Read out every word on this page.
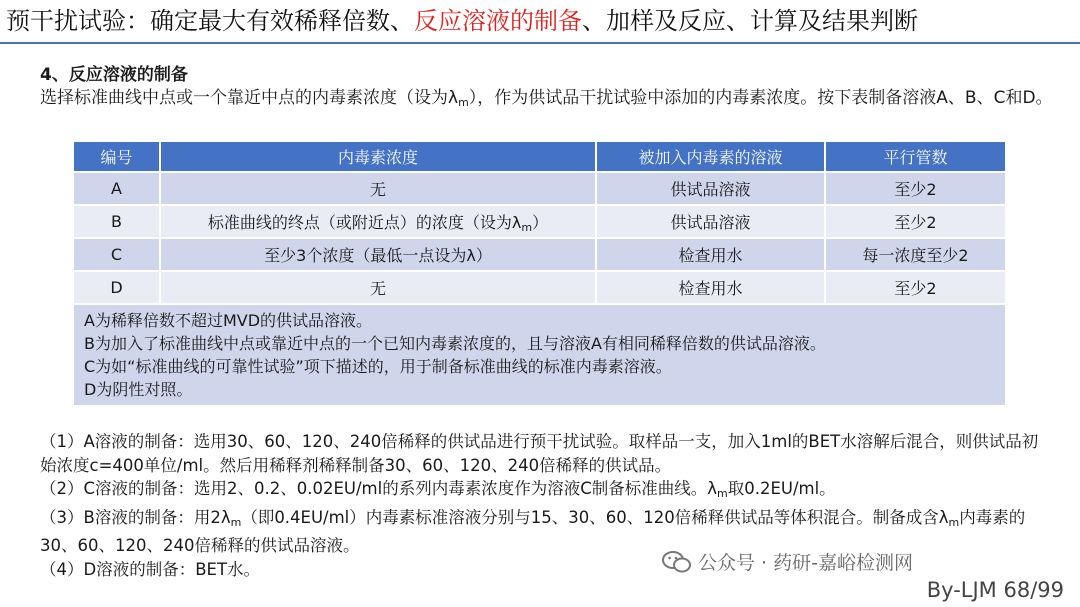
预干扰试验：确定最大有效稀释倍数、反应溶液的制备、加样及反应、计算及结果判断
4、反应溶液的制备
选择标准曲线中点或一个靠近中点的内毒素浓度（设为$\lambda_m$），作为供试品干扰试验中添加的内毒素浓度。按下表制备溶液A、B、C和D。
编号	内毒素浓度	被加入内毒素的溶液	平行管数
A	无	供试品溶液	至少2
B	标准曲线的终点（或附近点）的浓度（设为$\lambda_m$）	供试品溶液	至少2
C	至少3个浓度（最低一点设为λ）	检查用水	每一浓度至少2
D	无	检查用水	至少2

A为稀释倍数不超过MVD的供试品溶液。
B为加入了标准曲线中点或靠近中点的一个已知内毒素浓度的，且与溶液A有相同稀释倍数的供试品溶液。
C为如“标准曲线的可靠性试验”项下描述的，用于制备标准曲线的标准内毒素溶液。
D为阴性对照。			

（1）A溶液的制备：选用30、60、120、240倍稀释的供试品进行预干扰试验。取样品一支，加入1ml的BET水溶解后混合，则供试品初始浓度c=400单位/ml。然后用稀释剂稀释制备30、60、120、240倍稀释的供试品。

（2）C溶液的制备：选用2、0.2、0.02EU/ml的系列内毒素浓度作为溶液C制备标准曲线。$\lambda_m$取0.2EU/ml。

（3）B溶液的制备：用$2\lambda_m$（即0.4EU/ml）内毒素标准溶液分别与15、30、60、120倍稀释供试品等体积混合。制备成含$\lambda_m$内毒素的30、60、120、240倍稀释的供试品溶液。

（4）D溶液的制备：BET水。	公众号 · 药研-嘉峪检测网
By-LJM 68/99
